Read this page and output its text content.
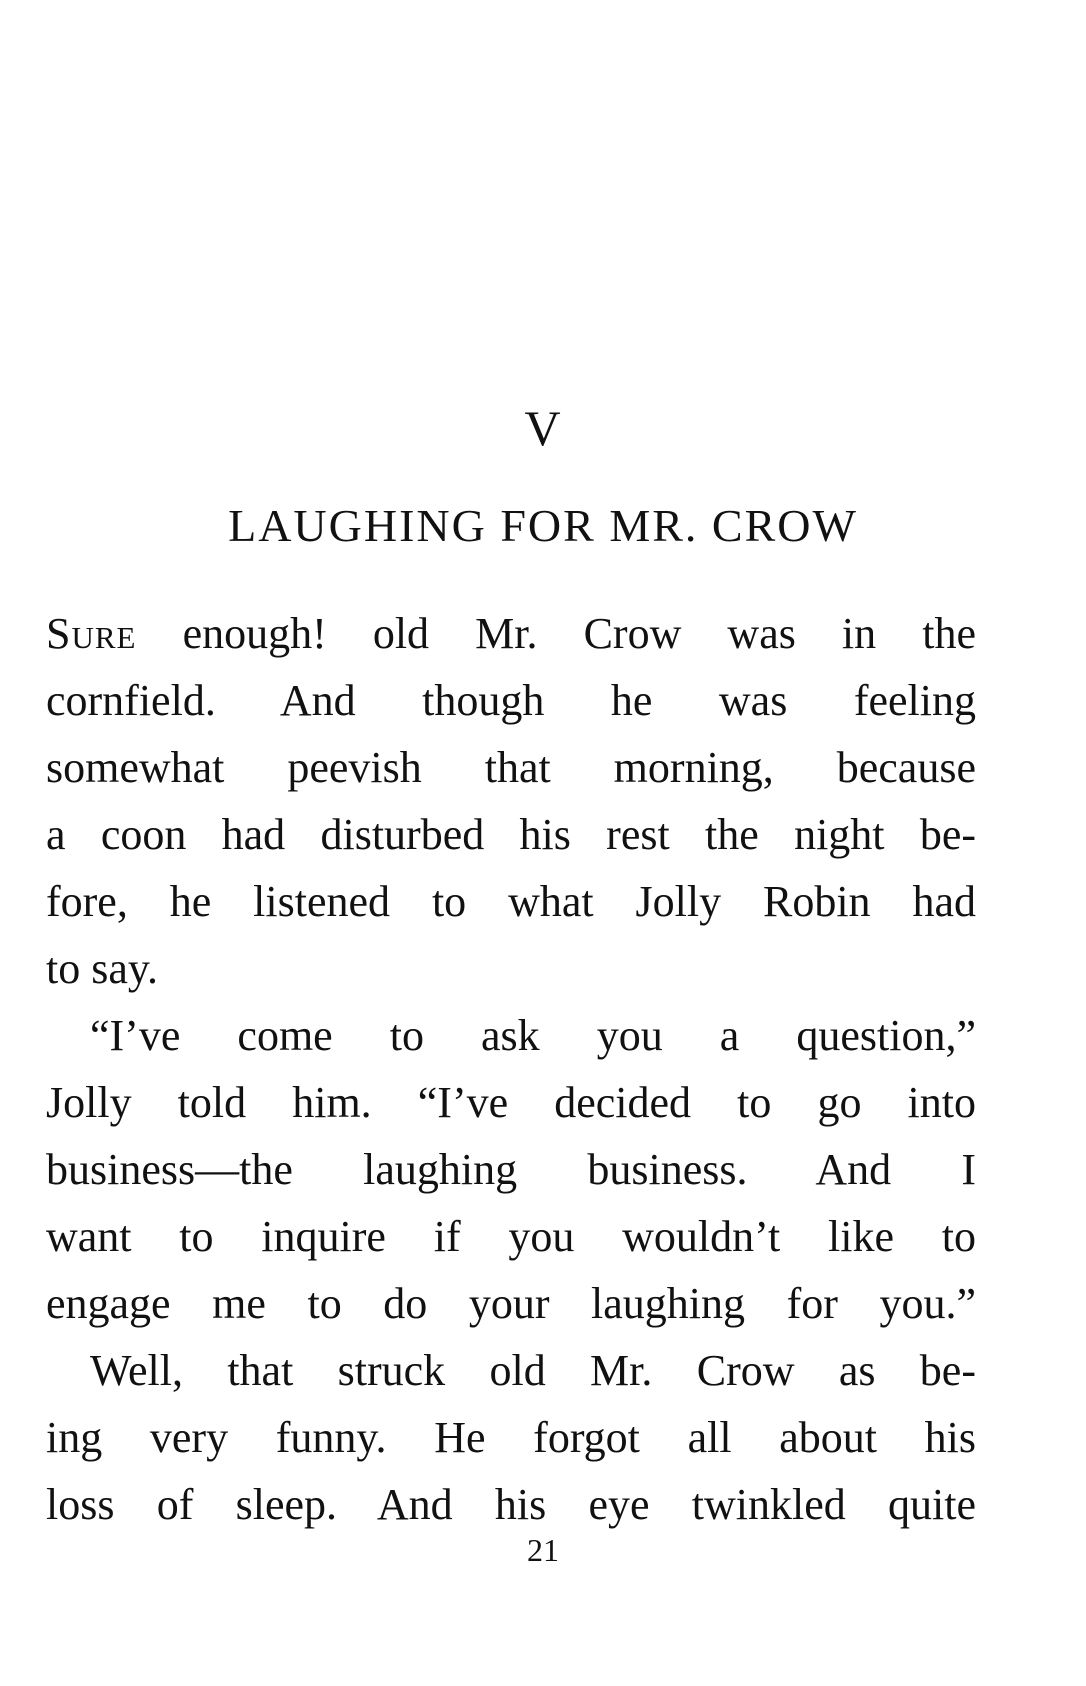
V
LAUGHING FOR MR. CROW
Sure enough! old Mr. Crow was in the
cornfield. And though he was feeling
somewhat peevish that morning, because
a coon had disturbed his rest the night be-
fore, he listened to what Jolly Robin had
to say.
“I’ve come to ask you a question,”
Jolly told him. “I’ve decided to go into
business—the laughing business. And I
want to inquire if you wouldn’t like to
engage me to do your laughing for you.”
Well, that struck old Mr. Crow as be-
ing very funny. He forgot all about his
loss of sleep. And his eye twinkled quite
21
